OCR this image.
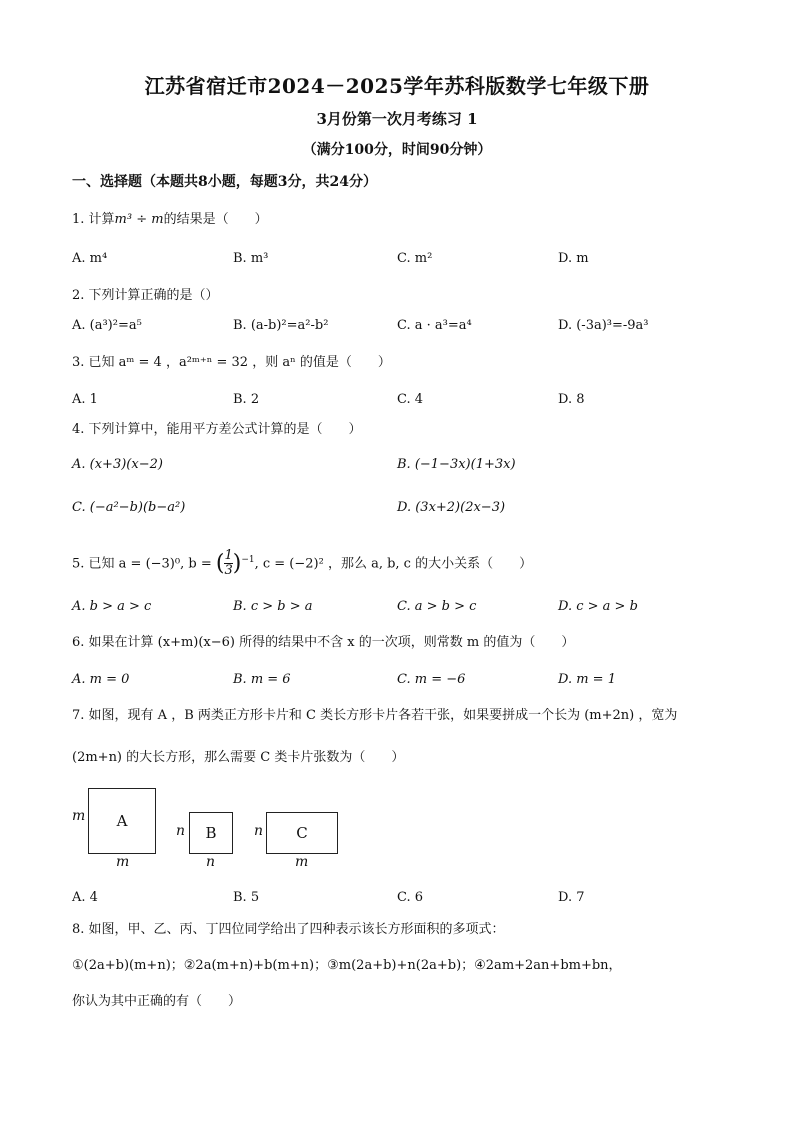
江苏省宿迁市2024－2025学年苏科版数学七年级下册
3月份第一次月考练习 1
（满分100分，时间90分钟）
一、选择题（本题共8小题，每题3分，共24分）
1. 计算m³ ÷ m的结果是（　　）
A. m⁴	B. m³	C. m²	D. m
2. 下列计算正确的是（）
A. (a³)²=a⁵	B. (a-b)²=a²-b²	C. a · a³=a⁴	D. (-3a)³=-9a³
3. 已知 aᵐ = 4 ，a²ᵐ⁺ⁿ = 32 ，则 aⁿ 的值是（　　）
A. 1	B. 2	C. 4	D. 8
4. 下列计算中，能用平方差公式计算的是（　　）
A. (x+3)(x−2)	B. (−1−3x)(1+3x)
C. (−a²−b)(b−a²)	D. (3x+2)(2x−3)
5. 已知 a = (−3)⁰, b = ( $\frac{1}{3} )^{-1}$, c = (−2)² ，那么 a, b, c 的大小关系（　　）
A. b > a > c	B. c > b > a	C. a > b > c	D. c > a > b
6. 如果在计算 (x+m)(x−6) 所得的结果中不含 x 的一次项，则常数 m 的值为（　　）
A. m = 0	B. m = 6	C. m = −6	D. m = 1
7. 如图，现有 A ，B 两类正方形卡片和 C 类长方形卡片各若干张，如果要拼成一个长为 (m+2n) ，宽为
(2m+n) 的大长方形，那么需要 C 类卡片张数为（　　）
m A
m
n B
n
n C
m
A. 4	B. 5	C. 6	D. 7
8. 如图，甲、乙、丙、丁四位同学给出了四种表示该长方形面积的多项式：
①(2a+b)(m+n)；②2a(m+n)+b(m+n)；③m(2a+b)+n(2a+b)；④2am+2an+bm+bn，
你认为其中正确的有（　　）
